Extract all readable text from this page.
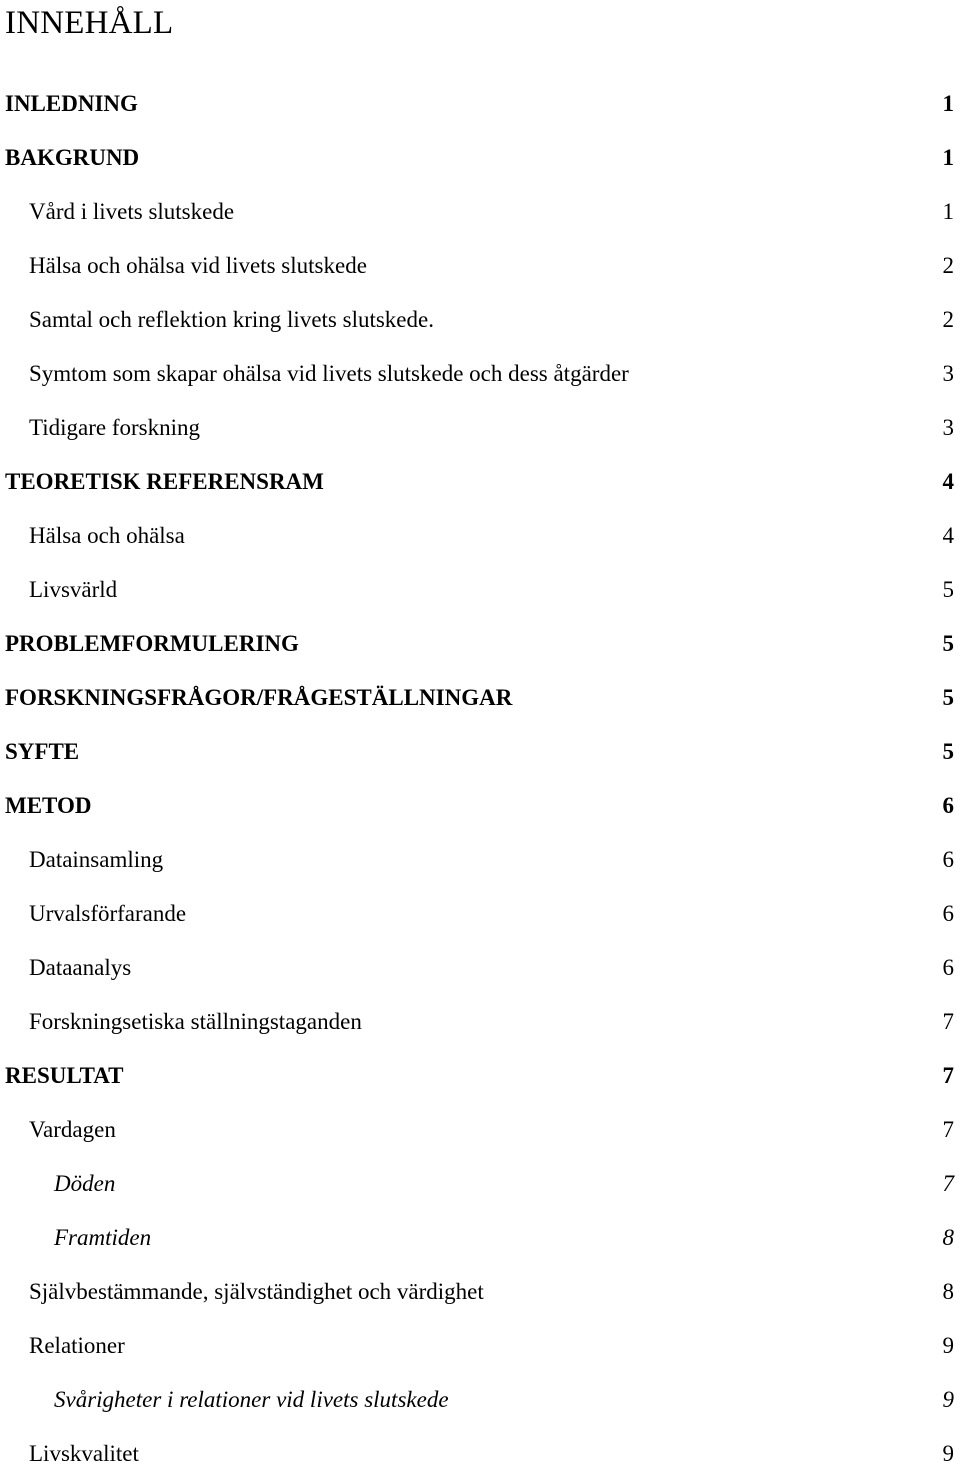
INNEHÅLL
INLEDNING	1
BAKGRUND	1
Vård i livets slutskede	1
Hälsa och ohälsa vid livets slutskede	2
Samtal och reflektion kring livets slutskede.	2
Symtom som skapar ohälsa vid livets slutskede och dess åtgärder	3
Tidigare forskning	3
TEORETISK REFERENSRAM	4
Hälsa och ohälsa	4
Livsvärld	5
PROBLEMFORMULERING	5
FORSKNINGSFRÅGOR/FRÅGESTÄLLNINGAR	5
SYFTE	5
METOD	6
Datainsamling	6
Urvalsförfarande	6
Dataanalys	6
Forskningsetiska ställningstaganden	7
RESULTAT	7
Vardagen	7
Döden	7
Framtiden	8
Självbestämmande, självständighet och värdighet	8
Relationer	9
Svårigheter i relationer vid livets slutskede	9
Livskvalitet	9
